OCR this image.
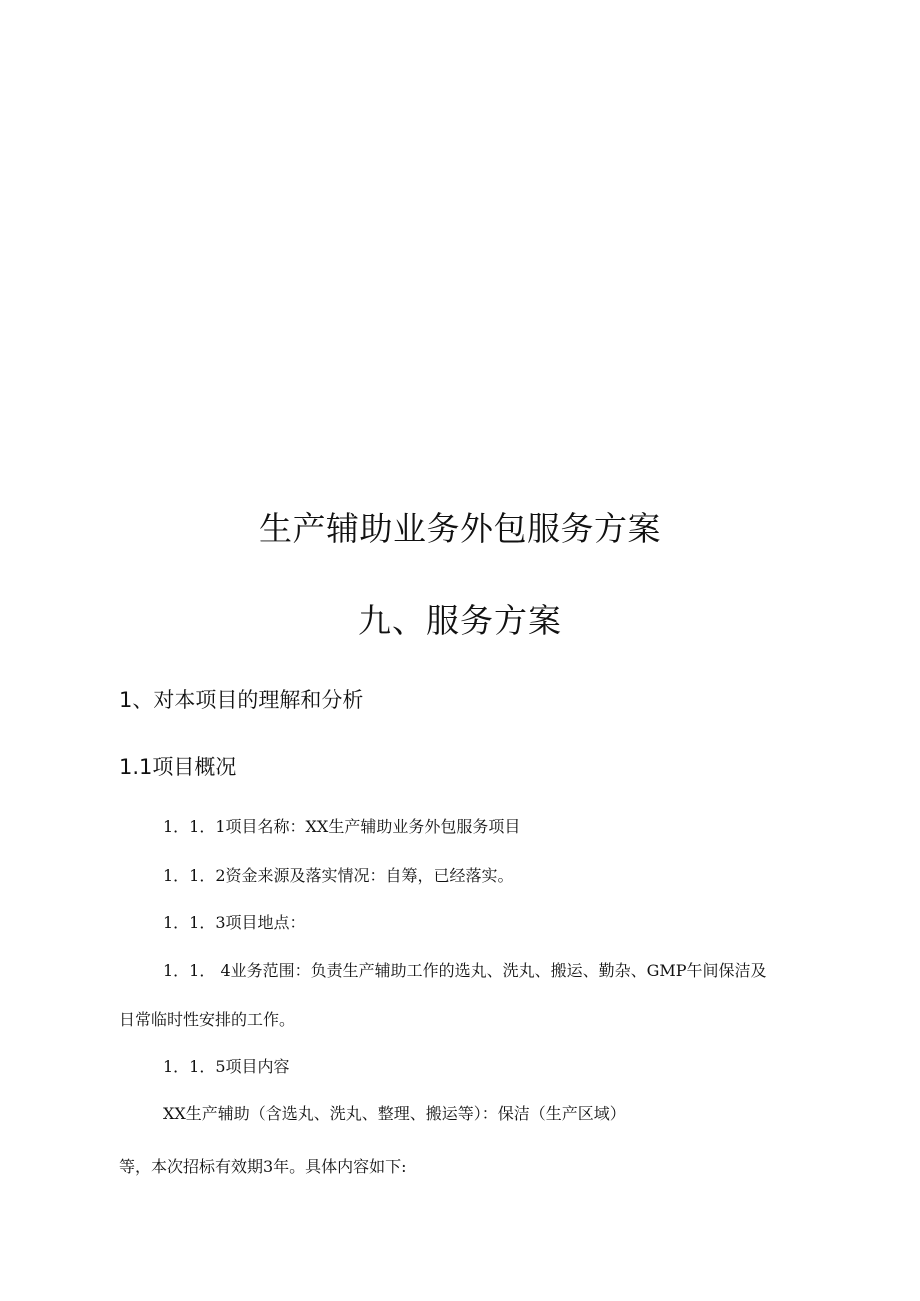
生产辅助业务外包服务方案
九、服务方案
1、对本项目的理解和分析
1.1项目概况

1．1．1项目名称：XX生产辅助业务外包服务项目

1．1．2资金来源及落实情况：自筹，已经落实。

1．1．3项目地点：

1．1． 4业务范围：负责生产辅助工作的选丸、洗丸、搬运、勤杂、GMP午间保洁及

日常临时性安排的工作。

1．1．5项目内容

XX生产辅助（含选丸、洗丸、整理、搬运等）：保洁（生产区域）

等，本次招标有效期3年。具体内容如下:
